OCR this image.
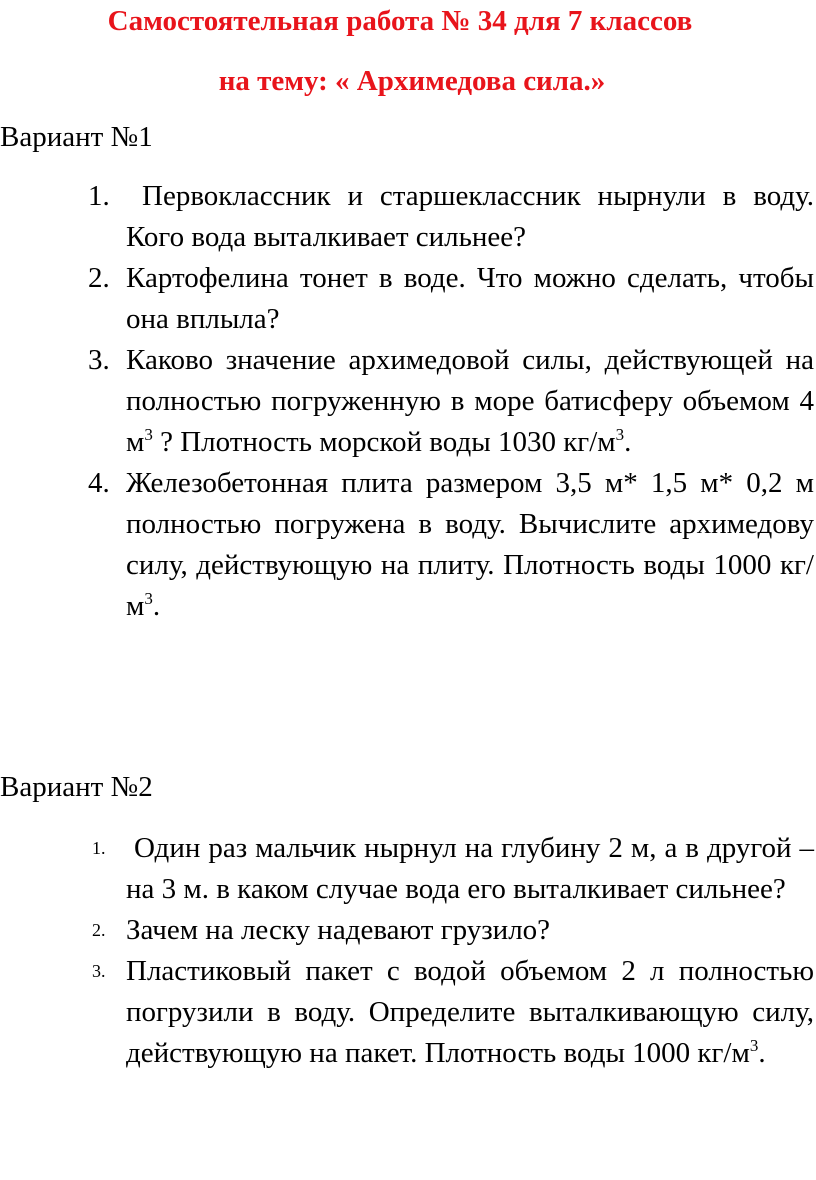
Самостоятельная работа № 34 для 7 классов
на тему: « Архимедова сила.»

Вариант №1

1. Первоклассник и старшеклассник нырнули в воду. Кого вода выталкивает сильнее?
2. Картофелина тонет в воде. Что можно сделать, чтобы она вплыла?
3. Каково значение архимедовой силы, действующей на полностью погруженную в море батисферу объемом 4 $м^3$ ? Плотность морской воды 1030 $кг/м^3$.
4. Железобетонная плита размером 3,5 м* 1,5 м* 0,2 м полностью погружена в воду. Вычислите архимедову силу, действующую на плиту. Плотность воды 1000 $кг/м^3$.

Вариант №2

1. Один раз мальчик нырнул на глубину 2 м, а в другой – на 3 м. в каком случае вода его выталкивает сильнее?
2. Зачем на леску надевают грузило?
3. Пластиковый пакет с водой объемом 2 л полностью погрузили в воду. Определите выталкивающую силу, действующую на пакет. Плотность воды 1000 $кг/м^3$.
